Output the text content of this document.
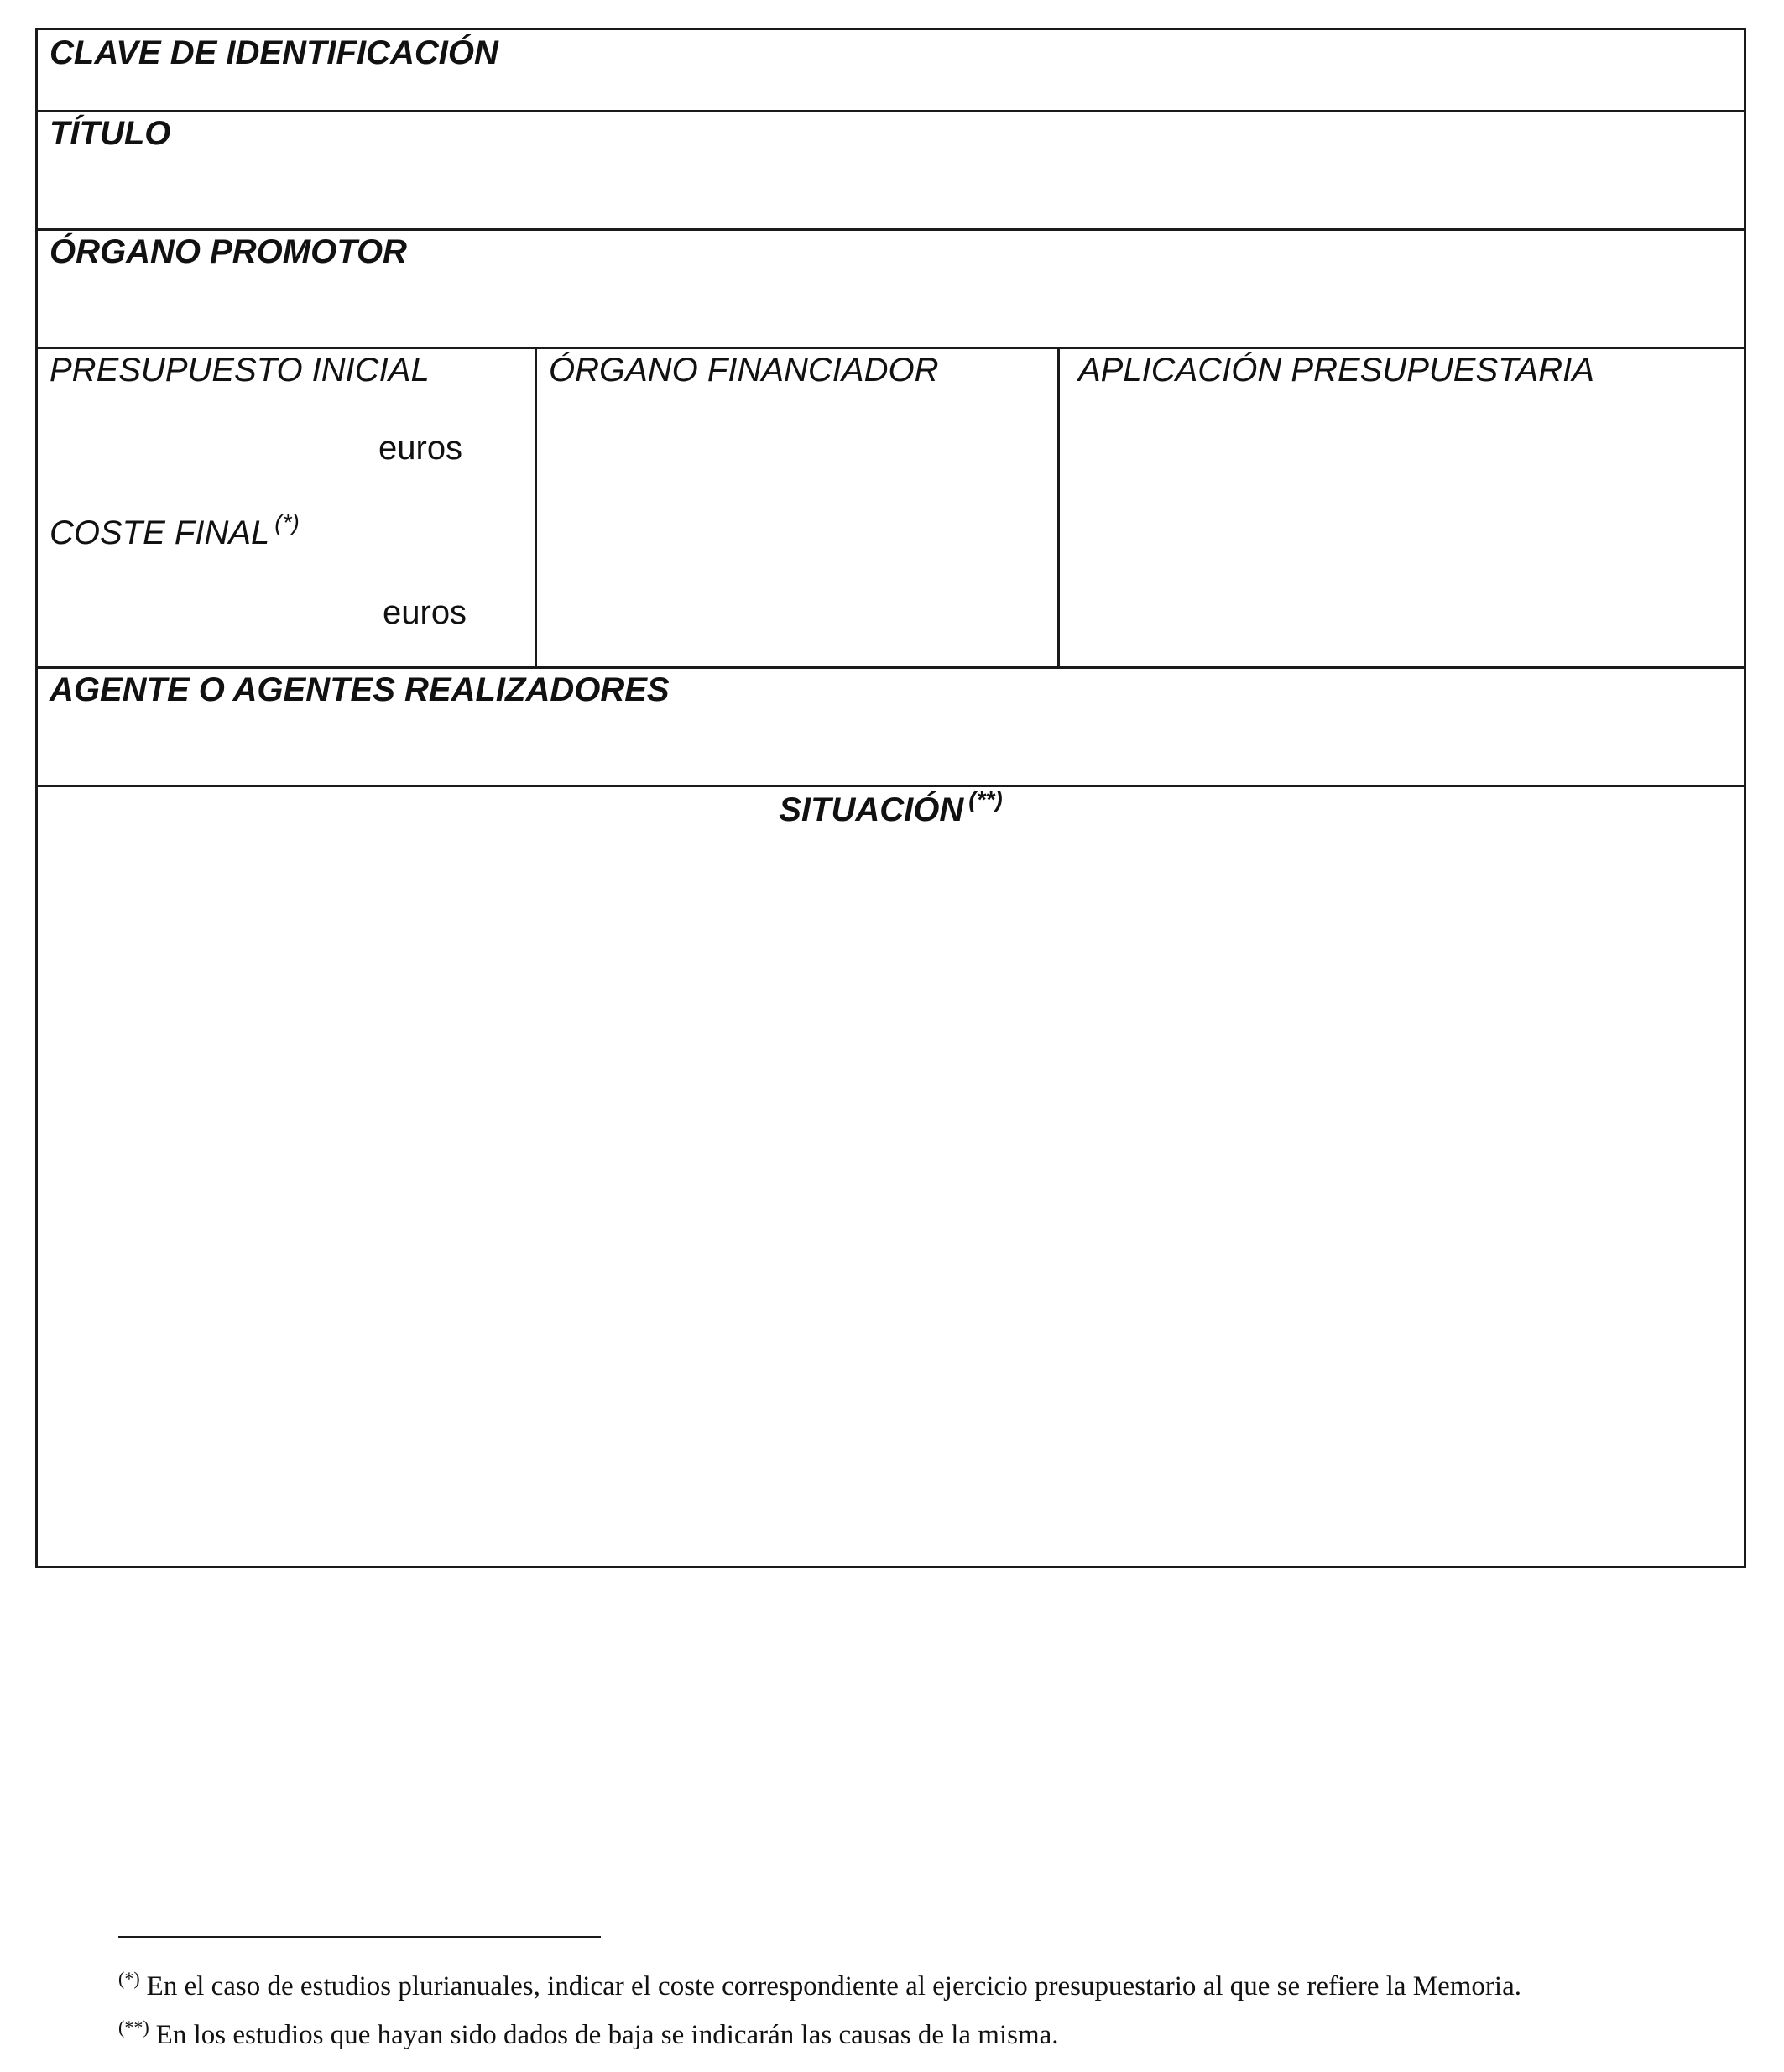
CLAVE DE IDENTIFICACIÓN
TÍTULO
ÓRGANO PROMOTOR
PRESUPUESTO INICIAL
euros
COSTE FINAL (*)
euros
ÓRGANO FINANCIADOR	APLICACIÓN PRESUPUESTARIA
AGENTE O AGENTES REALIZADORES
SITUACIÓN (**)
(*) En el caso de estudios plurianuales, indicar el coste correspondiente al ejercicio presupuestario al que se refiere la Memoria.
(**) En los estudios que hayan sido dados de baja se indicarán las causas de la misma.
